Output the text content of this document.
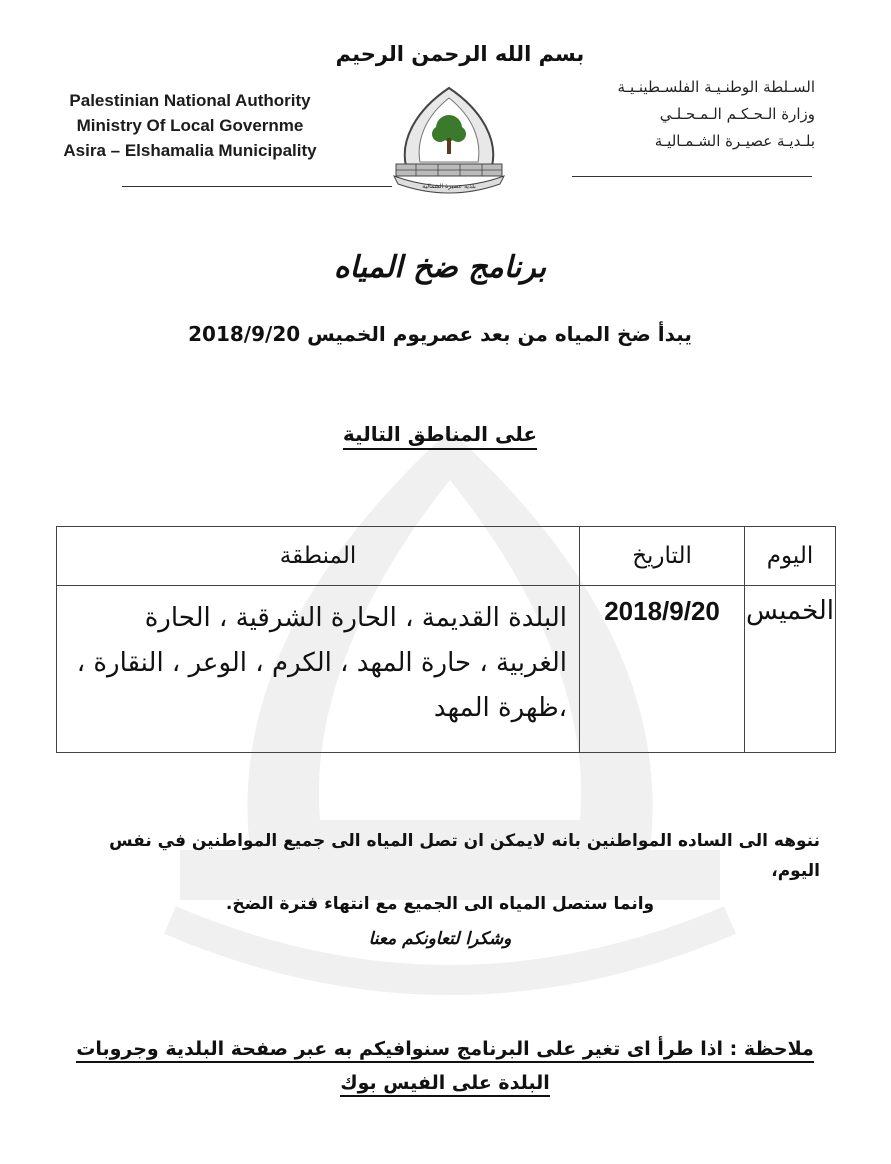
بسم الله الرحمن الرحيم
Palestinian National Authority
Ministry Of Local Governme
Asira – Elshamalia Municipality
السـلطة الوطنـيـة الفلسـطينـيـة
وزارة الـحـكـم الـمـحـلـي
بلـديـة عصيـرة الشـمـاليـة
بلدية عصيرة الشمالية
برنامج ضخ المياه
يبدأ ضخ المياه من بعد عصريوم الخميس 2018/9/20
على المناطق التالية
اليوم	التاريخ	المنطقة
الخميس	2018/9/20	البلدة القديمة ، الحارة الشرقية ، الحارة الغربية ، حارة المهد ، الكرم ، الوعر ، النقارة ، ،ظهرة المهد
ننوهه الى الساده المواطنين بانه لايمكن ان تصل المياه الى جميع المواطنين في نفس اليوم،
وانما ستصل المياه الى الجميع مع انتهاء فترة الضخ.
وشكرا لتعاونكم معنا
ملاحظة : اذا طرأ اى تغير على البرنامج سنوافيكم به عبر صفحة البلدية وجروبات البلدة على الفيس بوك
